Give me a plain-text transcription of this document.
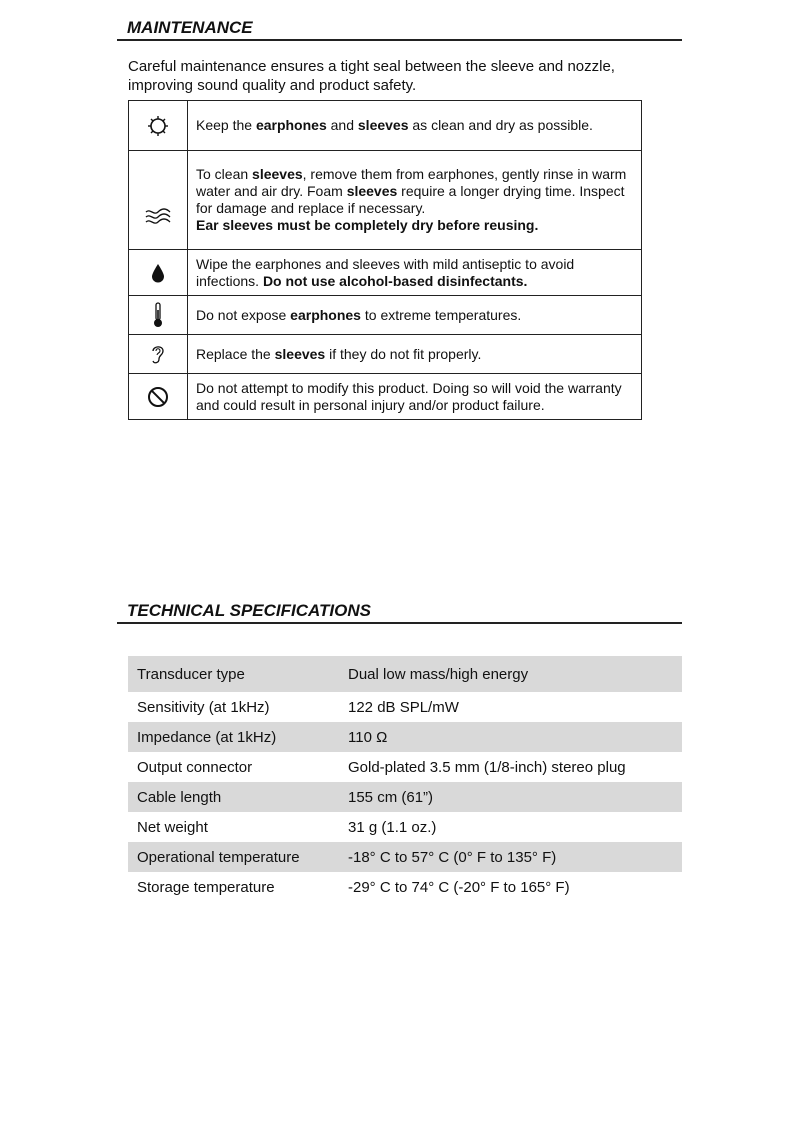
MAINTENANCE
Careful maintenance ensures a tight seal between the sleeve and nozzle,
improving sound quality and product safety.
	Keep the earphones and sleeves as clean and dry as possible.

	To clean sleeves, remove them from earphones, gently rinse in warm water and air dry. Foam sleeves require a longer drying time. Inspect for damage and replace if necessary.
Ear sleeves must be completely dry before reusing.

	Wipe the earphones and sleeves with mild antiseptic to avoid infections. Do not use alcohol-based disinfectants.

	Do not expose earphones to extreme temperatures.

	Replace the sleeves if they do not fit properly.

	Do not attempt to modify this product. Doing so will void the warranty and could result in personal injury and/or product failure.
TECHNICAL SPECIFICATIONS
Transducer type	Dual low mass/high energy
Sensitivity (at 1kHz)	122 dB SPL/mW
Impedance (at 1kHz)	110 Ω
Output connector	Gold-plated 3.5 mm (1/8-inch) stereo plug
Cable length	155 cm (61”)
Net weight	31 g (1.1 oz.)
Operational temperature	-18° C to 57° C (0° F to 135° F)
Storage temperature	-29° C to 74° C (-20° F to 165° F)
